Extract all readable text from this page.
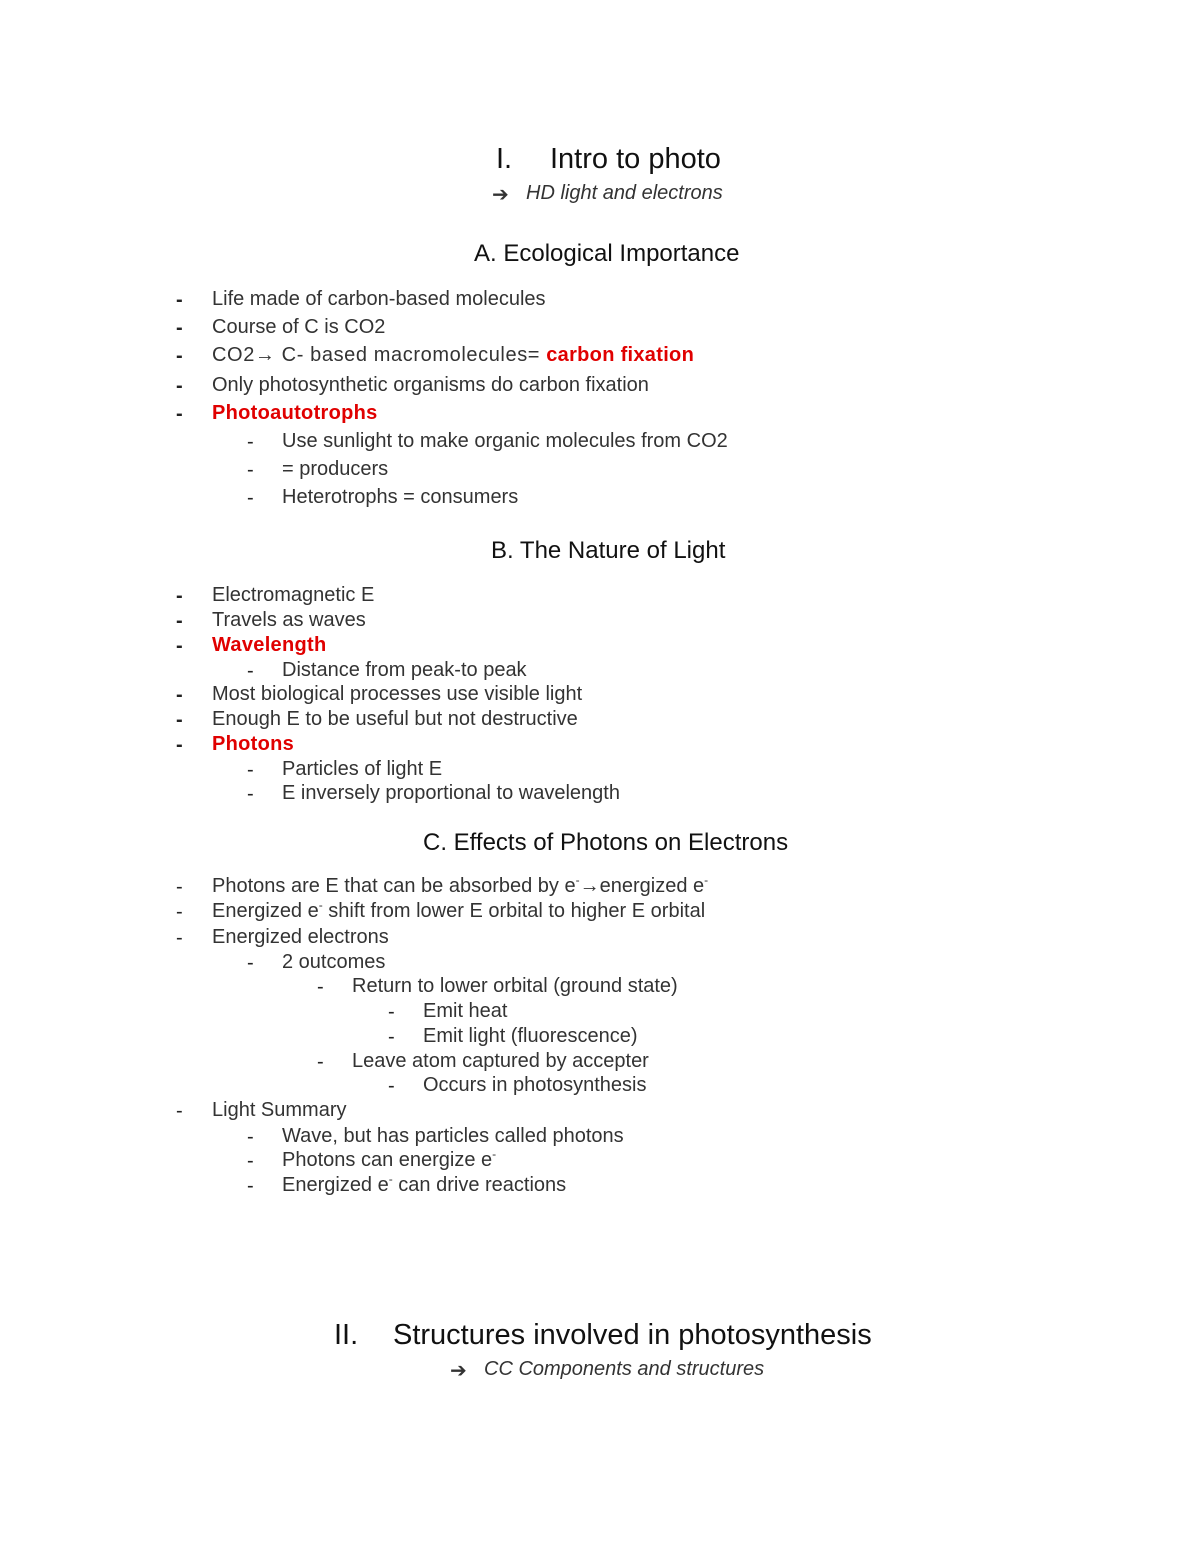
I. Intro to photo
➔ HD light and electrons
A. Ecological Importance
- Life made of carbon-based molecules
- Course of C is CO2
- CO2→ C- based macromolecules= carbon fixation
- Only photosynthetic organisms do carbon fixation
- Photoautotrophs
- Use sunlight to make organic molecules from CO2
- = producers
- Heterotrophs = consumers
B. The Nature of Light
- Electromagnetic E
- Travels as waves
- Wavelength
- Distance from peak-to peak
- Most biological processes use visible light
- Enough E to be useful but not destructive
- Photons
- Particles of light E
- E inversely proportional to wavelength
C. Effects of Photons on Electrons
- Photons are E that can be absorbed by e-→energized e-
- Energized e- shift from lower E orbital to higher E orbital
- Energized electrons
- 2 outcomes
- Return to lower orbital (ground state)
- Emit heat
- Emit light (fluorescence)
- Leave atom captured by accepter
- Occurs in photosynthesis
- Light Summary
- Wave, but has particles called photons
- Photons can energize e-
- Energized e- can drive reactions
II. Structures involved in photosynthesis
➔ CC Components and structures
